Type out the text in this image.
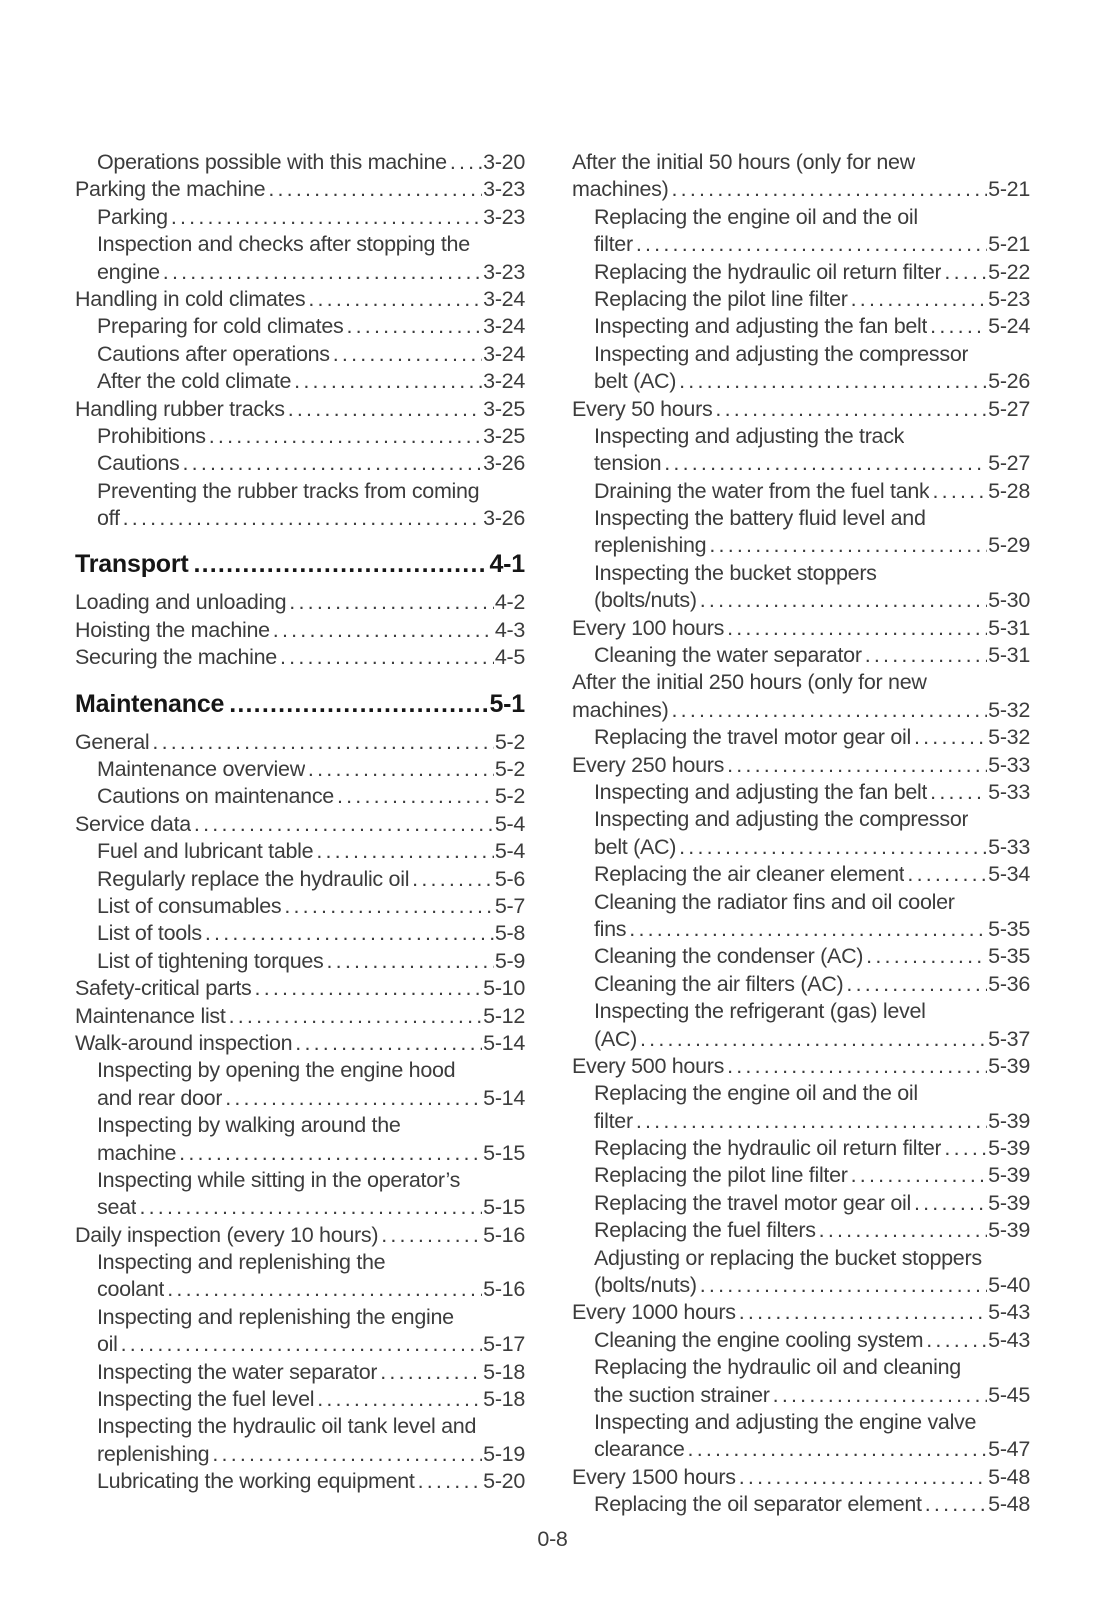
Operations possible with this machine ..... 3-20
Parking the machine .....	3-23
Parking .....	3-23
Inspection and checks after stopping the
engine .....	3-23
Handling in cold climates .....	3-24
Preparing for cold climates .....	3-24
Cautions after operations .....	3-24
After the cold climate .....	3-24
Handling rubber tracks .....	3-25
Prohibitions .....	3-25
Cautions .....	3-26
Preventing the rubber tracks from coming
off .....	3-26
Transport .....	4-1
Loading and unloading .....	4-2
Hoisting the machine .....	4-3
Securing the machine .....	4-5
Maintenance .....	5-1
General .....	5-2
Maintenance overview .....	5-2
Cautions on maintenance .....	5-2
Service data .....	5-4
Fuel and lubricant table .....	5-4
Regularly replace the hydraulic oil .....	5-6
List of consumables .....	5-7
List of tools .....	5-8
List of tightening torques .....	5-9
Safety-critical parts .....	5-10
Maintenance list .....	5-12
Walk-around inspection .....	5-14
Inspecting by opening the engine hood
and rear door .....	5-14
Inspecting by walking around the
machine .....	5-15
Inspecting while sitting in the operator’s
seat .....	5-15
Daily inspection (every 10 hours) .....	5-16
Inspecting and replenishing the
coolant .....	5-16
Inspecting and replenishing the engine
oil .....	5-17
Inspecting the water separator .....	5-18
Inspecting the fuel level .....	5-18
Inspecting the hydraulic oil tank level and
replenishing .....	5-19
Lubricating the working equipment .....	5-20
After the initial 50 hours (only for new
machines) .....	5-21
Replacing the engine oil and the oil
filter .....	5-21
Replacing the hydraulic oil return filter ..... 5-22
Replacing the pilot line filter .....	5-23
Inspecting and adjusting the fan belt .....	5-24
Inspecting and adjusting the compressor
belt (AC) .....	5-26
Every 50 hours .....	5-27
Inspecting and adjusting the track
tension .....	5-27
Draining the water from the fuel tank .....	5-28
Inspecting the battery fluid level and
replenishing .....	5-29
Inspecting the bucket stoppers
(bolts/nuts) .....	5-30
Every 100 hours .....	5-31
Cleaning the water separator .....	5-31
After the initial 250 hours (only for new
machines) .....	5-32
Replacing the travel motor gear oil .....	5-32
Every 250 hours .....	5-33
Inspecting and adjusting the fan belt .....	5-33
Inspecting and adjusting the compressor
belt (AC) .....	5-33
Replacing the air cleaner element .....	5-34
Cleaning the radiator fins and oil cooler
fins .....	5-35
Cleaning the condenser (AC) .....	5-35
Cleaning the air filters (AC) .....	5-36
Inspecting the refrigerant (gas) level
(AC) .....	5-37
Every 500 hours .....	5-39
Replacing the engine oil and the oil
filter .....	5-39
Replacing the hydraulic oil return filter ..... 5-39
Replacing the pilot line filter .....	5-39
Replacing the travel motor gear oil .....	5-39
Replacing the fuel filters .....	5-39
Adjusting or replacing the bucket stoppers
(bolts/nuts) .....	5-40
Every 1000 hours .....	5-43
Cleaning the engine cooling system .....	5-43
Replacing the hydraulic oil and cleaning
the suction strainer .....	5-45
Inspecting and adjusting the engine valve
clearance .....	5-47
Every 1500 hours .....	5-48
Replacing the oil separator element .....	5-48
0-8
